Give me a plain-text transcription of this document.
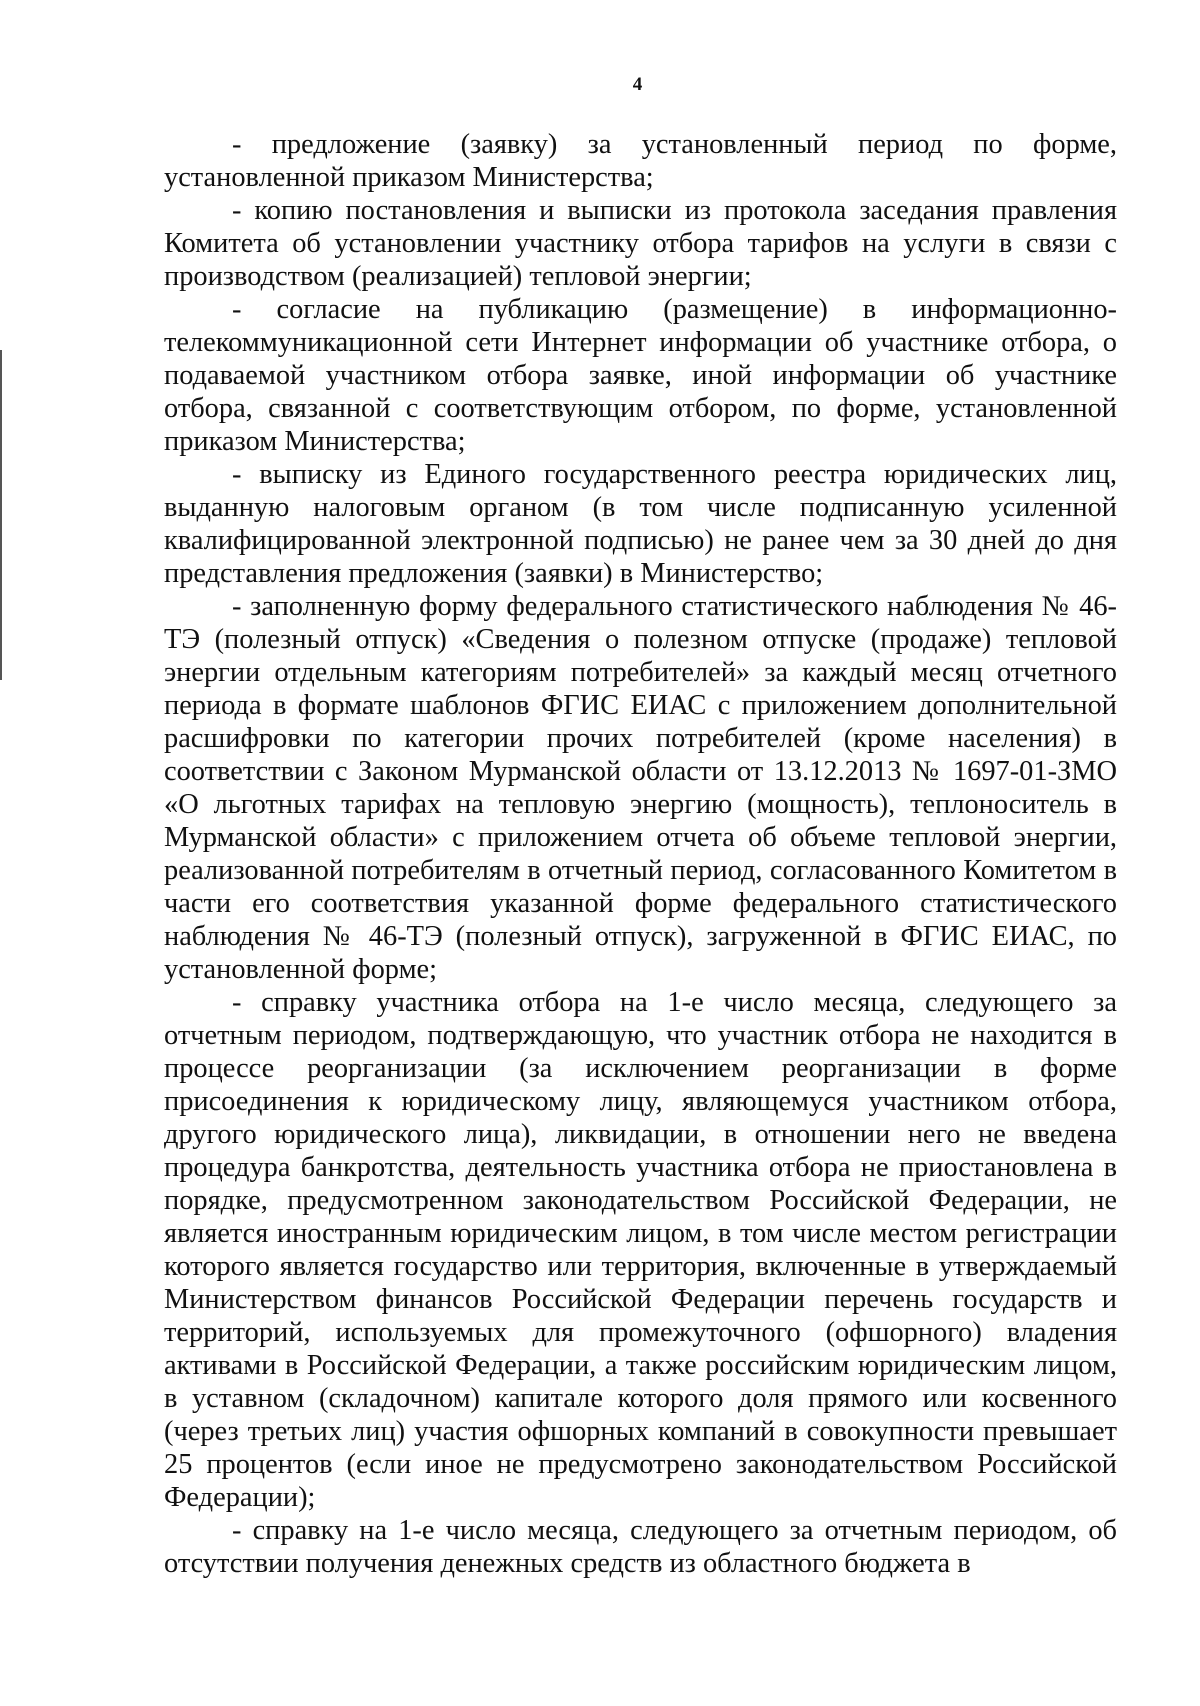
4

- предложение (заявку) за установленный период по форме, установленной приказом Министерства;

- копию постановления и выписки из протокола заседания правления Комитета об установлении участнику отбора тарифов на услуги в связи с производством (реализацией) тепловой энергии;

- согласие на публикацию (размещение) в информационно-телекоммуникационной сети Интернет информации об участнике отбора, о подаваемой участником отбора заявке, иной информации об участнике отбора, связанной с соответствующим отбором, по форме, установленной приказом Министерства;

- выписку из Единого государственного реестра юридических лиц, выданную налоговым органом (в том числе подписанную усиленной квалифицированной электронной подписью) не ранее чем за 30 дней до дня представления предложения (заявки) в Министерство;

- заполненную форму федерального статистического наблюдения № 46-ТЭ (полезный отпуск) «Сведения о полезном отпуске (продаже) тепловой энергии отдельным категориям потребителей» за каждый месяц отчетного периода в формате шаблонов ФГИС ЕИАС с приложением дополнительной расшифровки по категории прочих потребителей (кроме населения) в соответствии с Законом Мурманской области от 13.12.2013 № 1697-01-ЗМО «О льготных тарифах на тепловую энергию (мощность), теплоноситель в Мурманской области» с приложением отчета об объеме тепловой энергии, реализованной потребителям в отчетный период, согласованного Комитетом в части его соответствия указанной форме федерального статистического наблюдения № 46-ТЭ (полезный отпуск), загруженной в ФГИС ЕИАС, по установленной форме;

- справку участника отбора на 1-е число месяца, следующего за отчетным периодом, подтверждающую, что участник отбора не находится в процессе реорганизации (за исключением реорганизации в форме присоединения к юридическому лицу, являющемуся участником отбора, другого юридического лица), ликвидации, в отношении него не введена процедура банкротства, деятельность участника отбора не приостановлена в порядке, предусмотренном законодательством Российской Федерации, не является иностранным юридическим лицом, в том числе местом регистрации которого является государство или территория, включенные в утверждаемый Министерством финансов Российской Федерации перечень государств и территорий, используемых для промежуточного (офшорного) владения активами в Российской Федерации, а также российским юридическим лицом, в уставном (складочном) капитале которого доля прямого или косвенного (через третьих лиц) участия офшорных компаний в совокупности превышает 25 процентов (если иное не предусмотрено законодательством Российской Федерации);

- справку на 1-е число месяца, следующего за отчетным периодом, об отсутствии получения денежных средств из областного бюджета в
